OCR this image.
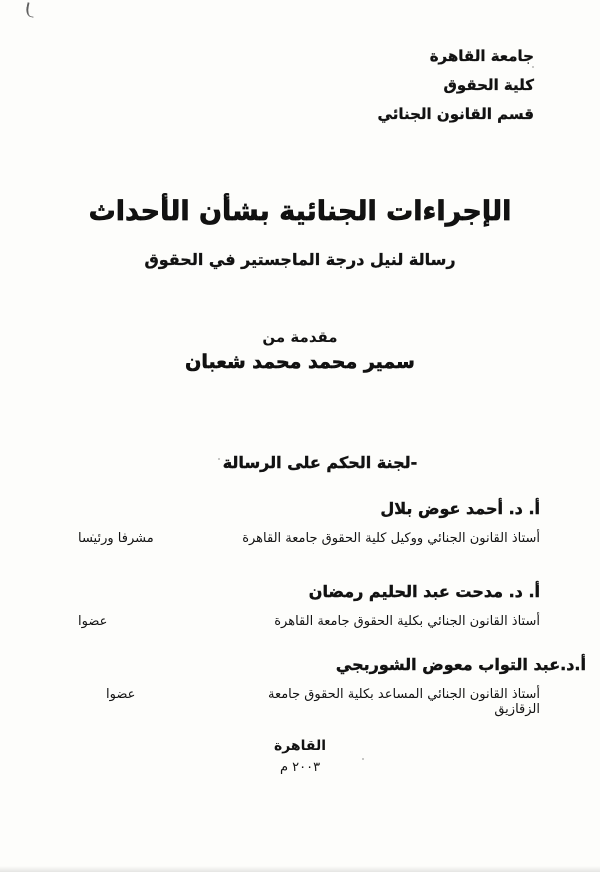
جامعة القاهرة
كلية الحقوق
قسم القانون الجنائي
الإجراءات الجنائية بشأن الأحداث
رسالة لنيل درجة الماجستير في الحقوق
مقدمة من
سمير محمد محمد شعبان
-لجنة الحكم على الرسالة
أ. د. أحمد عوض بلال
أستاذ القانون الجنائي ووكيل كلية الحقوق جامعة القاهرة
مشرفا ورئيسا
أ. د. مدحت عبد الحليم رمضان
أستاذ القانون الجنائي بكلية الحقوق جامعة القاهرة
عضوا
أ.د.عبد التواب معوض الشوربجي
أستاذ القانون الجنائي المساعد بكلية الحقوق جامعة الزقازيق
عضوا
القاهرة
٢٠٠٣ م
